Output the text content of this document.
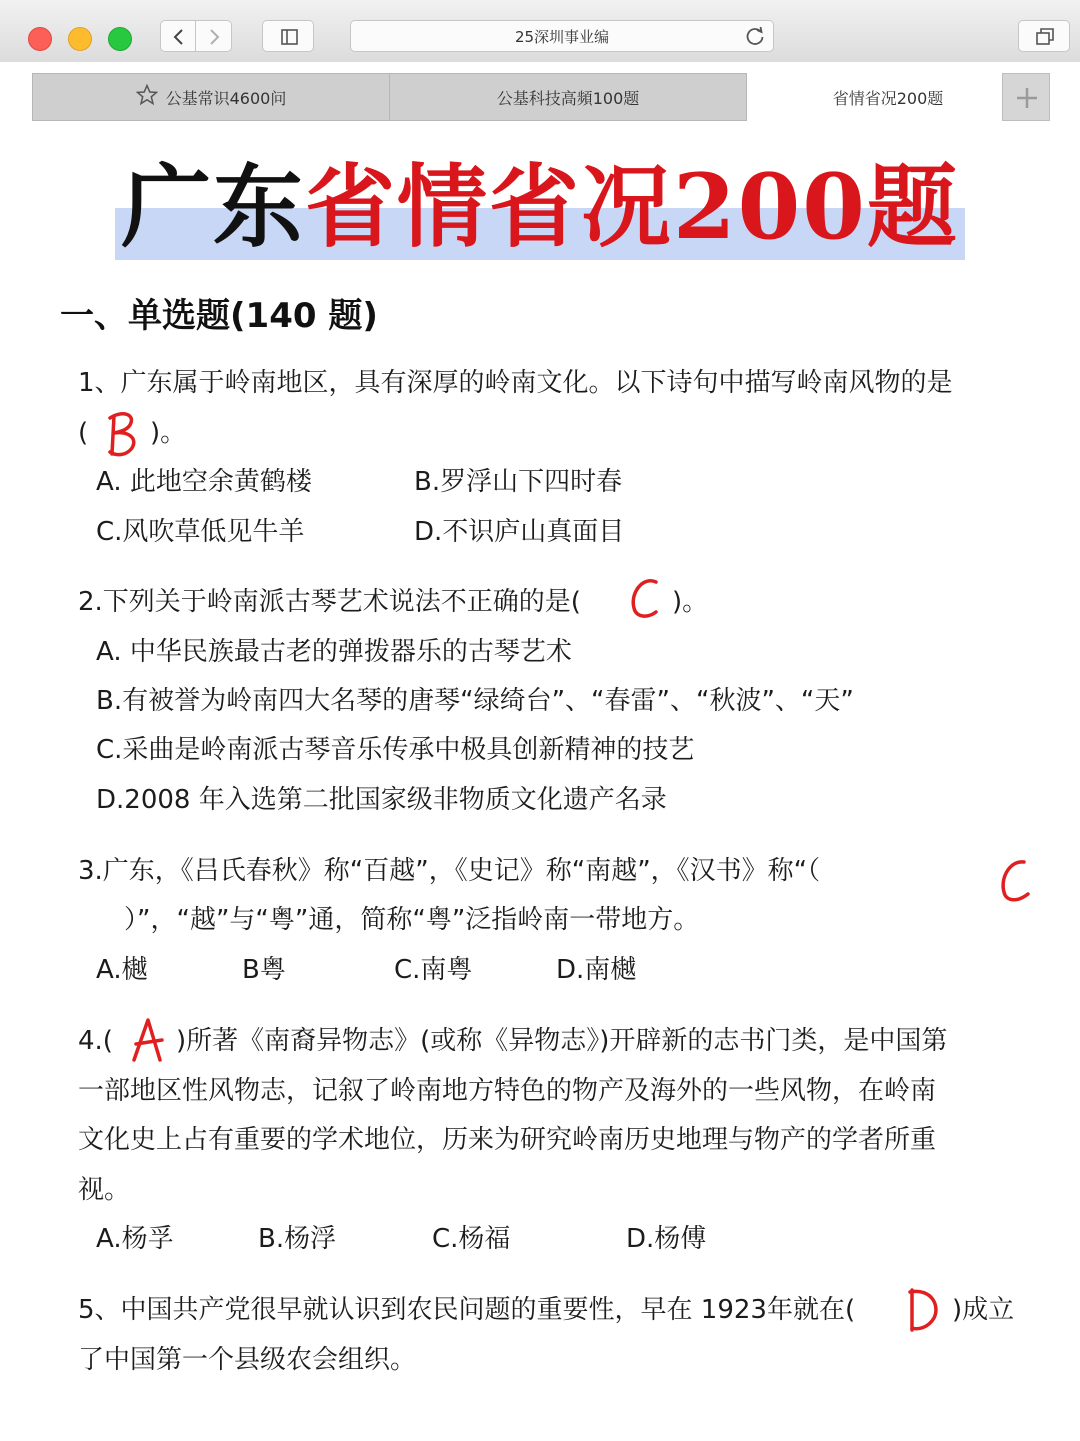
25深圳事业编
公基常识4600问	公基科技高頻100题	省情省况200题
广东省情省况200题
一、单选题(140 题)
1、广东属于岭南地区，具有深厚的岭南文化。以下诗句中描写岭南风物的是
( )。
A. 此地空余黄鹤楼	B.罗浮山下四时春
C.风吹草低见牛羊	D.不识庐山真面目
2.下列关于岭南派古琴艺术说法不正确的是(	)。
A. 中华民族最古老的弹拨器乐的古琴艺术
B.有被誉为岭南四大名琴的唐琴“绿绮台”、“春雷”、“秋波”、“天”
C.采曲是岭南派古琴音乐传承中极具创新精神的技艺
D.2008 年入选第二批国家级非物质文化遗产名录
3.广东，《吕氏春秋》称“百越”，《史记》称“南越”，《汉书》称“（
）”，“越”与“粤”通，简称“粤”泛指岭南一带地方。
A.樾	B粤	C.南粤	D.南樾
4.( )所著《南裔异物志》(或称《异物志》)开辟新的志书门类，是中国第
一部地区性风物志，记叙了岭南地方特色的物产及海外的一些风物，在岭南
文化史上占有重要的学术地位，历来为研究岭南历史地理与物产的学者所重
视。
A.杨孚	B.杨浮	C.杨福	D.杨傅
5、中国共产党很早就认识到农民问题的重要性，早在 1923年就在(	)成立
了中国第一个县级农会组织。
